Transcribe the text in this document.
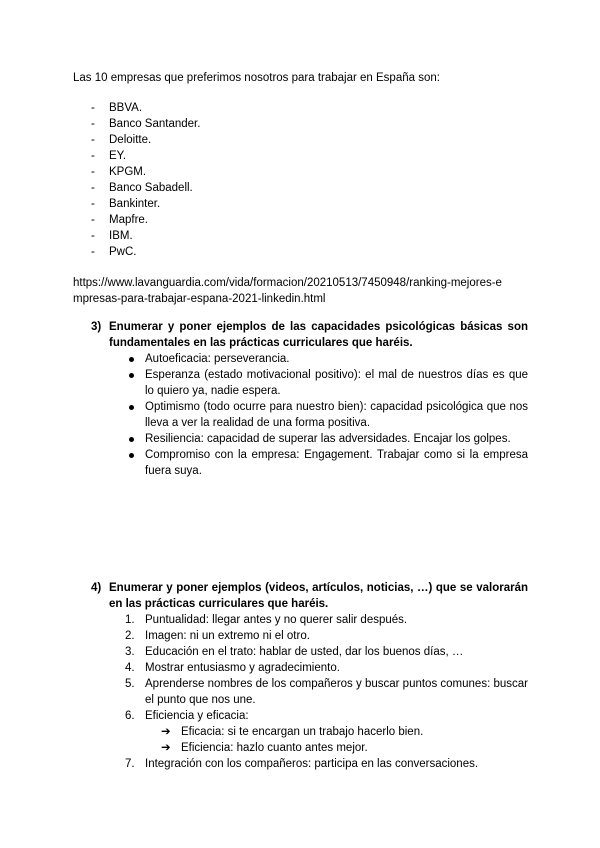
Las 10 empresas que preferimos nosotros para trabajar en España son:
- BBVA.
- Banco Santander.
- Deloitte.
- EY.
- KPGM.
- Banco Sabadell.
- Bankinter.
- Mapfre.
- IBM.
- PwC.
https://www.lavanguardia.com/vida/formacion/20210513/7450948/ranking-mejores-e
mpresas-para-trabajar-espana-2021-linkedin.html
3) Enumerar y poner ejemplos de las capacidades psicológicas básicas son fundamentales en las prácticas curriculares que haréis.
Autoeficacia: perseverancia.
Esperanza (estado motivacional positivo): el mal de nuestros días es que lo quiero ya, nadie espera.
Optimismo (todo ocurre para nuestro bien): capacidad psicológica que nos lleva a ver la realidad de una forma positiva.
Resiliencia: capacidad de superar las adversidades. Encajar los golpes.
Compromiso con la empresa: Engagement. Trabajar como si la empresa fuera suya.
4) Enumerar y poner ejemplos (videos, artículos, noticias, …) que se valorarán en las prácticas curriculares que haréis.
1. Puntualidad: llegar antes y no querer salir después.
2. Imagen: ni un extremo ni el otro.
3. Educación en el trato: hablar de usted, dar los buenos días, …
4. Mostrar entusiasmo y agradecimiento.
5. Aprenderse nombres de los compañeros y buscar puntos comunes: buscar el punto que nos une.
6. Eficiencia y eficacia:
➔ Eficacia: si te encargan un trabajo hacerlo bien.
➔ Eficiencia: hazlo cuanto antes mejor.
7. Integración con los compañeros: participa en las conversaciones.
